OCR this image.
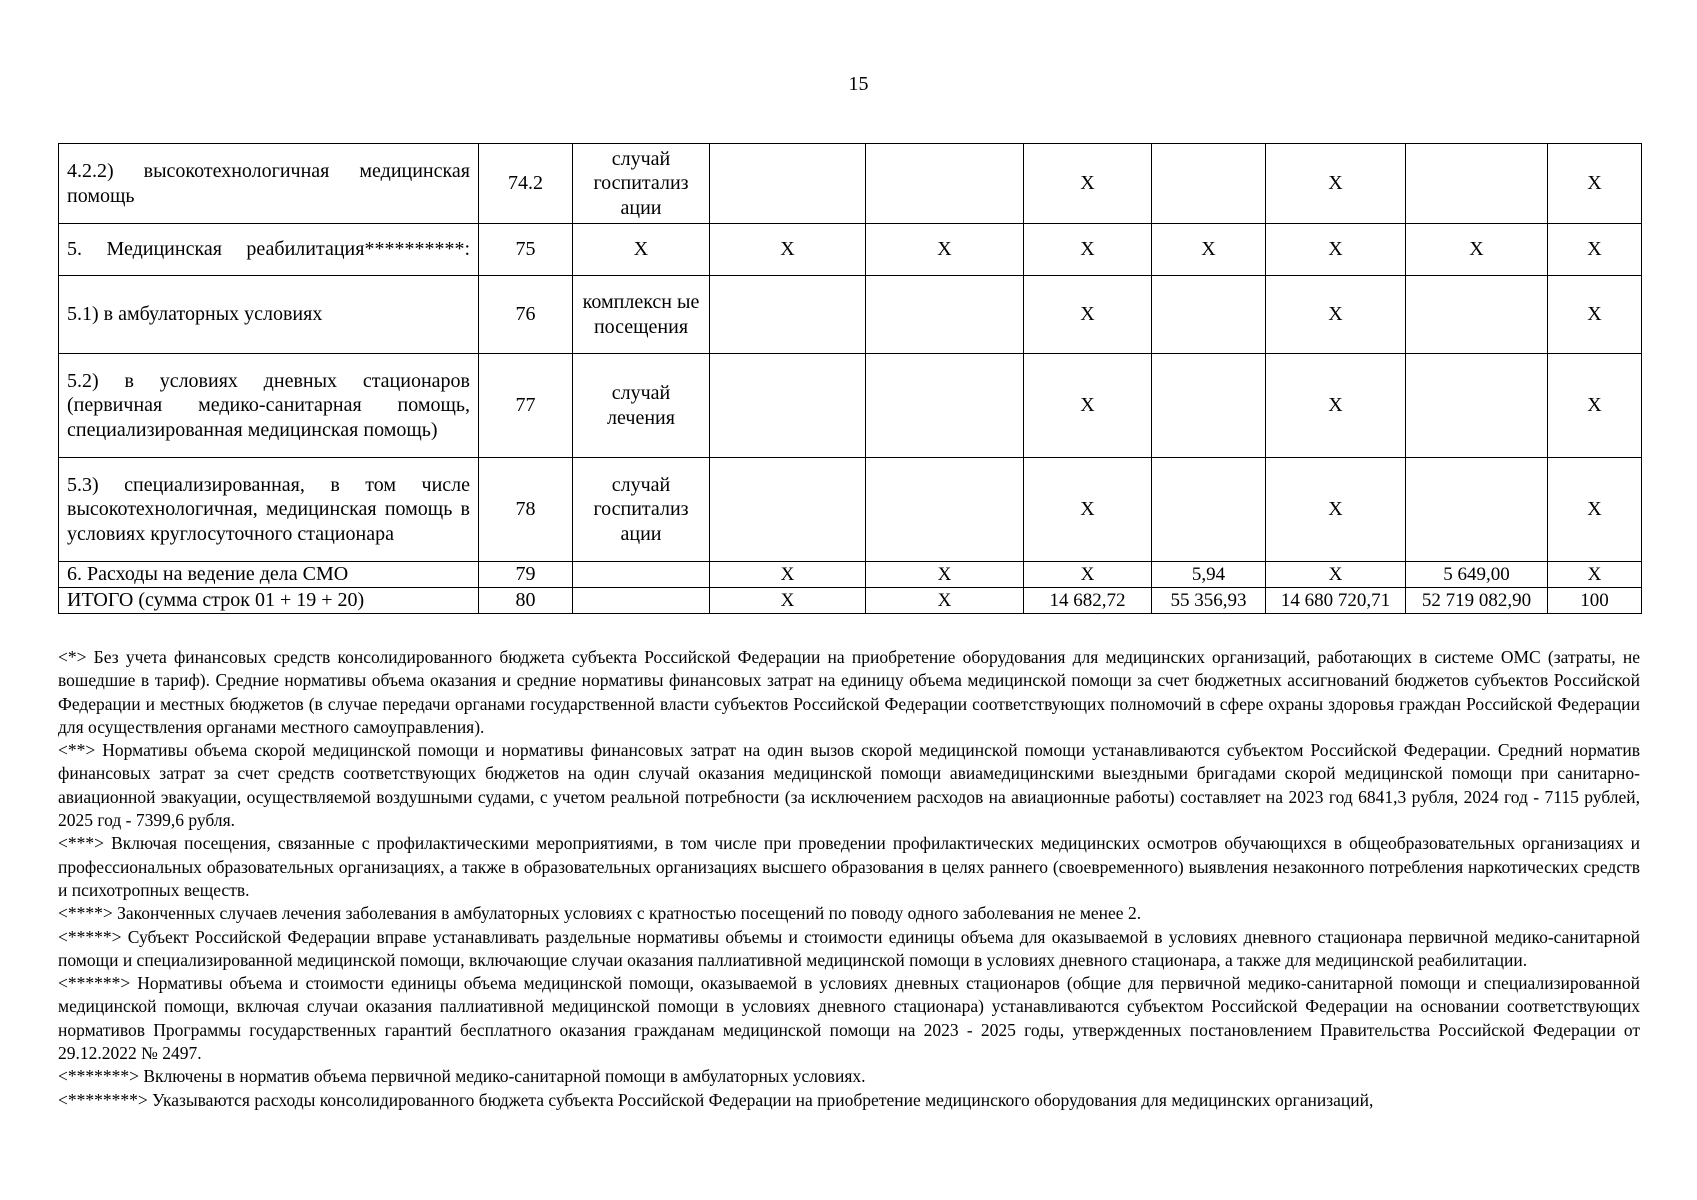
15
4.2.2) высокотехнологичная медицинская помощь	74.2	случай госпитализ ации			X		X		X
5. Медицинская реабилитация**********:	75	X	X	X	X	X	X	X	X
5.1) в амбулаторных условиях	76	комплексн ые посещения			X		X		X
5.2) в условиях дневных стационаров (первичная медико-санитарная помощь, специализированная медицинская помощь)	77	случай лечения			X		X		X
5.3) специализированная, в том числе высокотехнологичная, медицинская помощь в условиях круглосуточного стационара	78	случай госпитализ ации			X		X		X
6. Расходы на ведение дела СМО	79		X	X	X	5,94	X	5 649,00	X
ИТОГО (сумма строк 01 + 19 + 20)	80		X	X	14 682,72	55 356,93	14 680 720,71	52 719 082,90	100

<*> Без учета финансовых средств консолидированного бюджета субъекта Российской Федерации на приобретение оборудования для медицинских организаций, работающих в системе ОМС (затраты, не вошедшие в тариф). Средние нормативы объема оказания и средние нормативы финансовых затрат на единицу объема медицинской помощи за счет бюджетных ассигнований бюджетов субъектов Российской Федерации и местных бюджетов (в случае передачи органами государственной власти субъектов Российской Федерации соответствующих полномочий в сфере охраны здоровья граждан Российской Федерации для осуществления органами местного самоуправления).

<**> Нормативы объема скорой медицинской помощи и нормативы финансовых затрат на один вызов скорой медицинской помощи устанавливаются субъектом Российской Федерации. Средний норматив финансовых затрат за счет средств соответствующих бюджетов на один случай оказания медицинской помощи авиамедицинскими выездными бригадами скорой медицинской помощи при санитарно-авиационной эвакуации, осуществляемой воздушными судами, с учетом реальной потребности (за исключением расходов на авиационные работы) составляет на 2023 год 6841,3 рубля, 2024 год - 7115 рублей, 2025 год - 7399,6 рубля.

<***> Включая посещения, связанные с профилактическими мероприятиями, в том числе при проведении профилактических медицинских осмотров обучающихся в общеобразовательных организациях и профессиональных образовательных организациях, а также в образовательных организациях высшего образования в целях раннего (своевременного) выявления незаконного потребления наркотических средств и психотропных веществ.

<****> Законченных случаев лечения заболевания в амбулаторных условиях с кратностью посещений по поводу одного заболевания не менее 2.

<*****> Субъект Российской Федерации вправе устанавливать раздельные нормативы объемы и стоимости единицы объема для оказываемой в условиях дневного стационара первичной медико-санитарной помощи и специализированной медицинской помощи, включающие случаи оказания паллиативной медицинской помощи в условиях дневного стационара, а также для медицинской реабилитации.

<******> Нормативы объема и стоимости единицы объема медицинской помощи, оказываемой в условиях дневных стационаров (общие для первичной медико-санитарной помощи и специализированной медицинской помощи, включая случаи оказания паллиативной медицинской помощи в условиях дневного стационара) устанавливаются субъектом Российской Федерации на основании соответствующих нормативов Программы государственных гарантий бесплатного оказания гражданам медицинской помощи на 2023 - 2025 годы, утвержденных постановлением Правительства Российской Федерации от 29.12.2022 № 2497.

<*******> Включены в норматив объема первичной медико-санитарной помощи в амбулаторных условиях.

<********> Указываются расходы консолидированного бюджета субъекта Российской Федерации на приобретение медицинского оборудования для медицинских организаций,
